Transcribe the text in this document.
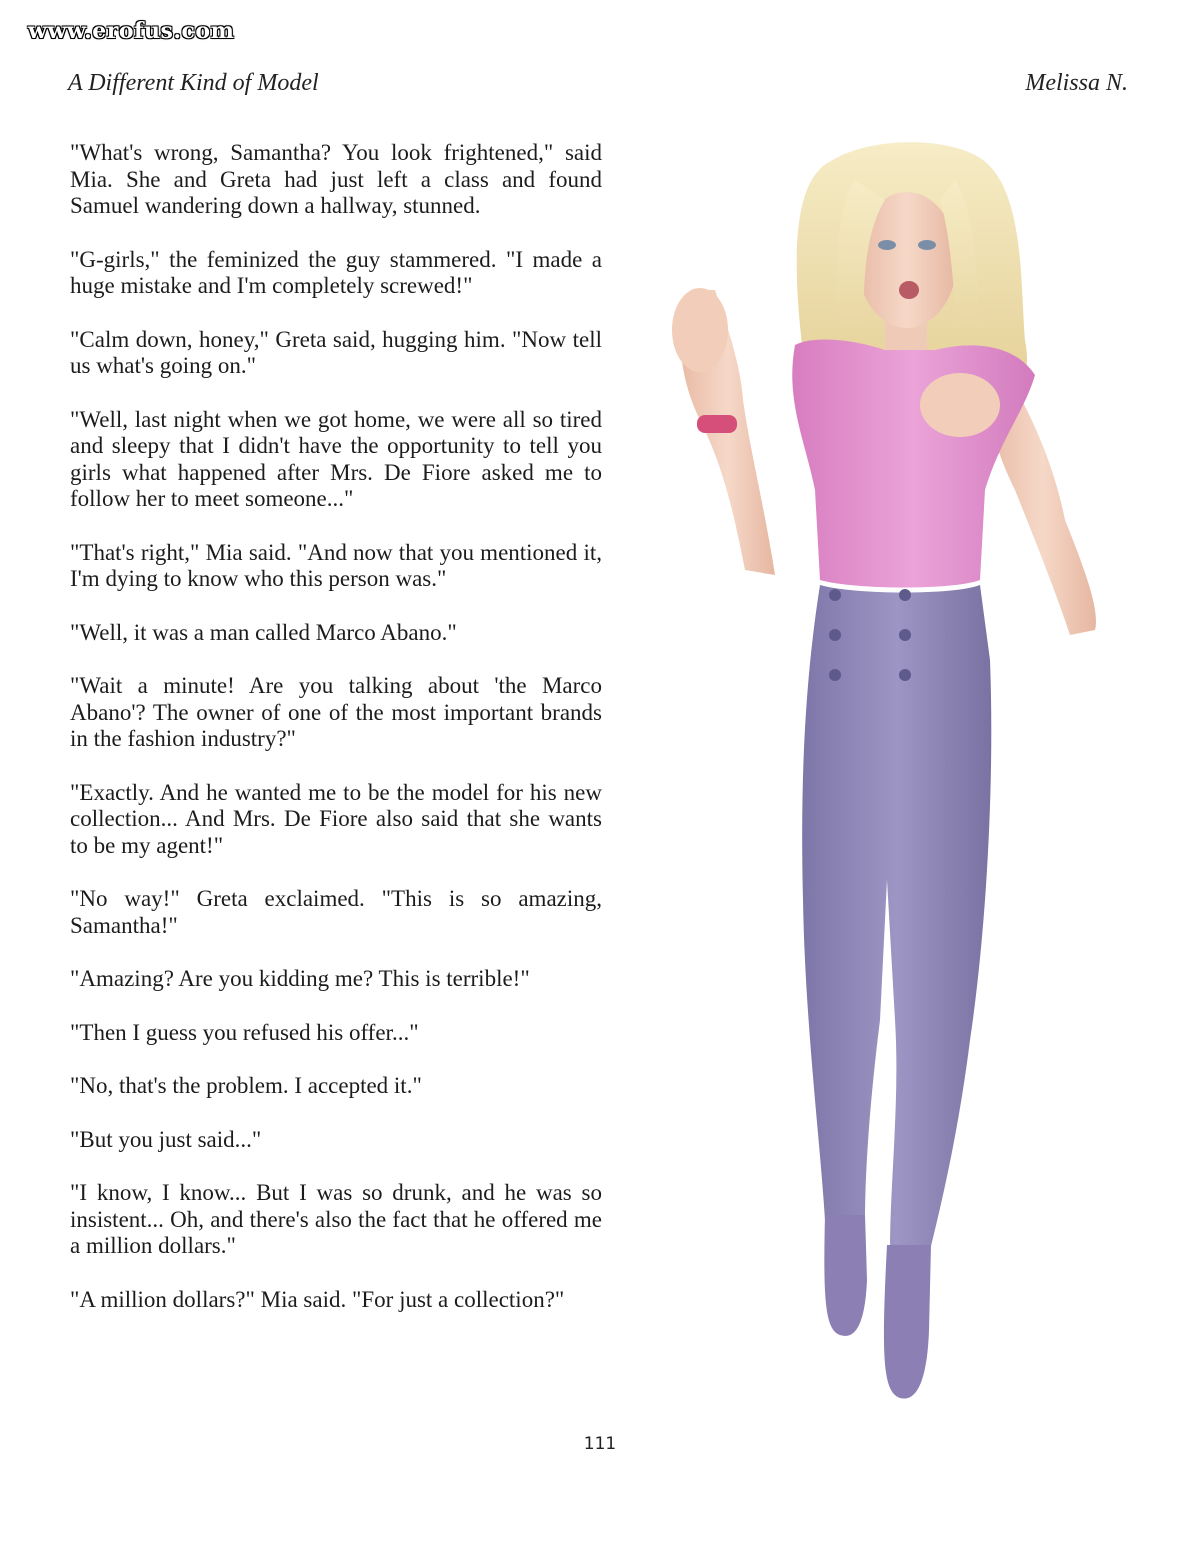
www.erofus.com
A Different Kind of Model	Melissa N.

"What's wrong, Samantha? You look frightened," said Mia. She and Greta had just left a class and found Samuel wandering down a hallway, stunned.

"G-girls," the feminized the guy stammered. "I made a huge mistake and I'm completely screwed!"

"Calm down, honey," Greta said, hugging him. "Now tell us what's going on."

"Well, last night when we got home, we were all so tired and sleepy that I didn't have the opportunity to tell you girls what happened after Mrs. De Fiore asked me to follow her to meet someone..."

"That's right," Mia said. "And now that you mentioned it, I'm dying to know who this person was."

"Well, it was a man called Marco Abano."

"Wait a minute! Are you talking about 'the Marco Abano'? The owner of one of the most important brands in the fashion industry?"

"Exactly. And he wanted me to be the model for his new collection... And Mrs. De Fiore also said that she wants to be my agent!"

"No way!" Greta exclaimed. "This is so amazing, Samantha!"

"Amazing? Are you kidding me? This is terrible!"

"Then I guess you refused his offer..."

"No, that's the problem. I accepted it."

"But you just said..."

"I know, I know... But I was so drunk, and he was so insistent... Oh, and there's also the fact that he offered me a million dollars."

"A million dollars?" Mia said. "For just a collection?"

111
